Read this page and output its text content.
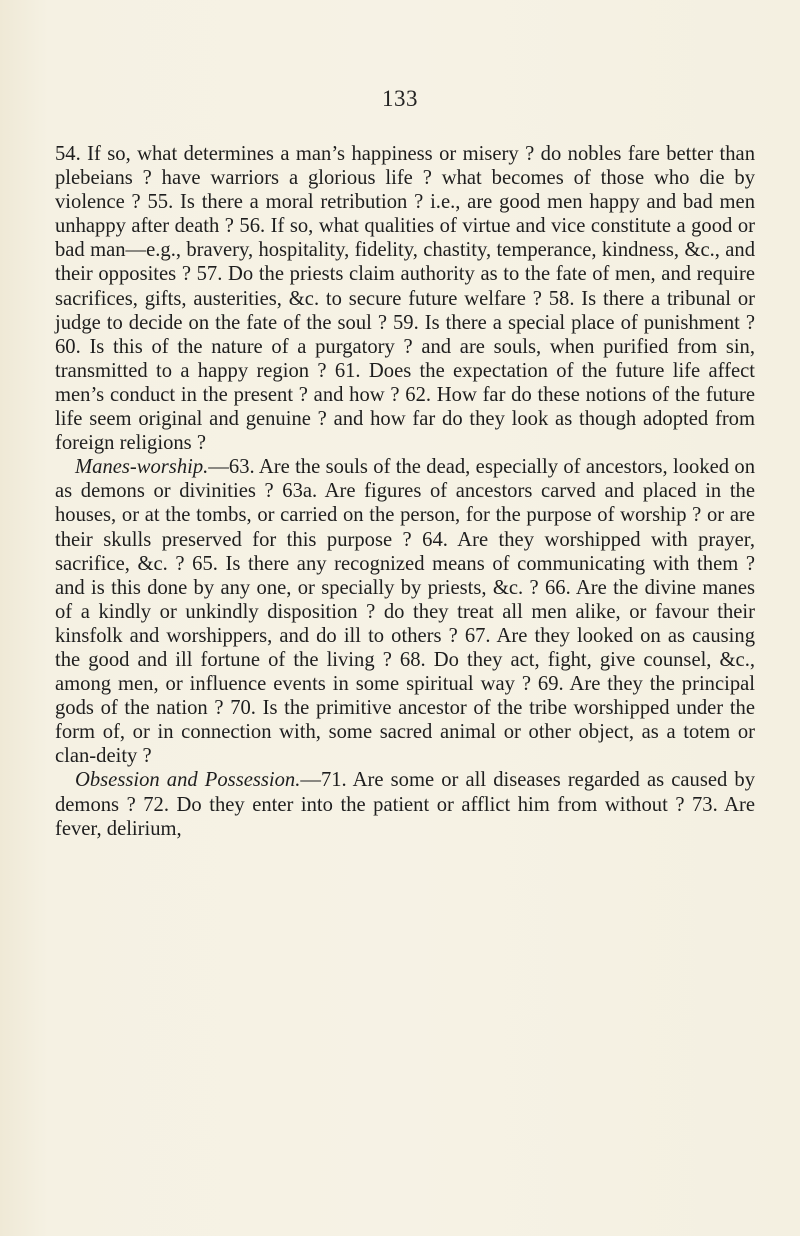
133

54. If so, what determines a man’s happiness or misery ? do nobles fare better than plebeians ? have warriors a glorious life ? what becomes of those who die by violence ? 55. Is there a moral retribution ? i.e., are good men happy and bad men unhappy after death ? 56. If so, what qualities of virtue and vice constitute a good or bad man—e.g., bravery, hospitality, fidelity, chastity, temperance, kindness, &c., and their opposites ? 57. Do the priests claim authority as to the fate of men, and require sacrifices, gifts, austerities, &c. to secure future welfare ? 58. Is there a tribunal or judge to decide on the fate of the soul ? 59. Is there a special place of punishment ? 60. Is this of the nature of a purgatory ? and are souls, when purified from sin, transmitted to a happy region ? 61. Does the expectation of the future life affect men’s conduct in the present ? and how ? 62. How far do these notions of the future life seem original and genuine ? and how far do they look as though adopted from foreign religions ?

Manes-worship.—63. Are the souls of the dead, especially of ancestors, looked on as demons or divinities ? 63a. Are figures of ancestors carved and placed in the houses, or at the tombs, or carried on the person, for the purpose of worship ? or are their skulls preserved for this purpose ? 64. Are they worshipped with prayer, sacrifice, &c. ? 65. Is there any recognized means of communicating with them ? and is this done by any one, or specially by priests, &c. ? 66. Are the divine manes of a kindly or unkindly disposition ? do they treat all men alike, or favour their kinsfolk and worshippers, and do ill to others ? 67. Are they looked on as causing the good and ill fortune of the living ? 68. Do they act, fight, give counsel, &c., among men, or influence events in some spiritual way ? 69. Are they the principal gods of the nation ? 70. Is the primitive ancestor of the tribe worshipped under the form of, or in connection with, some sacred animal or other object, as a totem or clan-deity ?

Obsession and Possession.—71. Are some or all diseases regarded as caused by demons ? 72. Do they enter into the patient or afflict him from without ? 73. Are fever, delirium,
